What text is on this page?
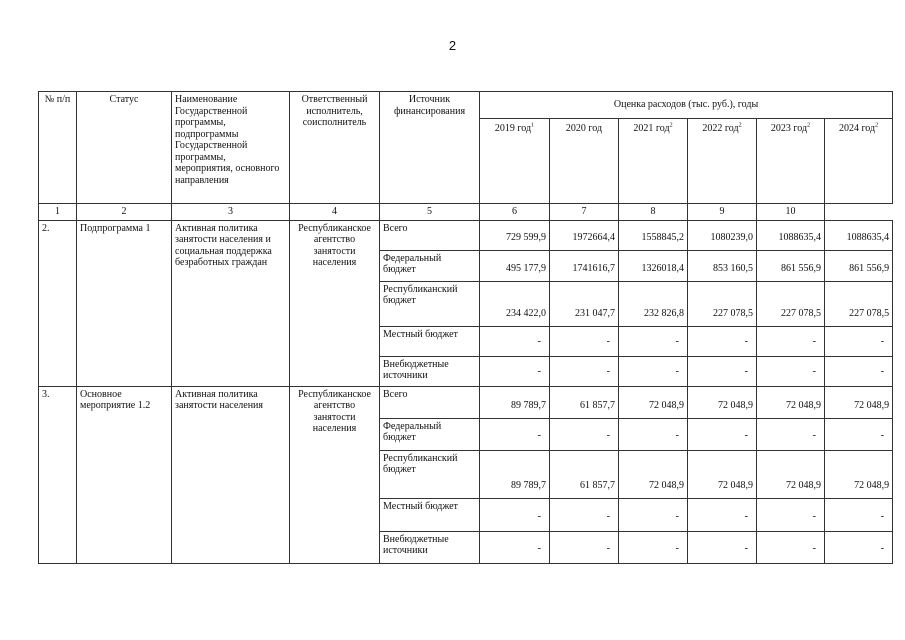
2
№ п/п	Статус	Наименование Государственной программы, подпрограммы Государственной программы, мероприятия, основного направления	Ответственный исполнитель, соисполнитель	Источник финансирования	Оценка расходов (тыс. руб.), годы					
					2019 год$^1$	2020 год	2021 год$^2$	2022 год$^2$	2023 год$^2$	2024 год$^2$
1	2	3	4	5	6	7	8	9	10	
2.	Подпрограмма 1	Активная политика занятости населения и социальная поддержка безработных граждан	Республиканское агентство занятости населения	Всего	729 599,9	1972664,4	1558845,2	1080239,0	1088635,4	1088635,4
				Федеральный бюджет	495 177,9	1741616,7	1326018,4	853 160,5	861 556,9	861 556,9
				Республиканский бюджет	234 422,0	231 047,7	232 826,8	227 078,5	227 078,5	227 078,5
				Местный бюджет	-	-	-	-	-	-
				Внебюджетные источники	-	-	-	-	-	-
3.	Основное мероприятие 1.2	Активная политика занятости населения	Республиканское агентство занятости населения	Всего	89 789,7	61 857,7	72 048,9	72 048,9	72 048,9	72 048,9
				Федеральный бюджет	-	-	-	-	-	-
				Республиканский бюджет	89 789,7	61 857,7	72 048,9	72 048,9	72 048,9	72 048,9
				Местный бюджет	-	-	-	-	-	-
				Внебюджетные источники	-	-	-	-	-	-
